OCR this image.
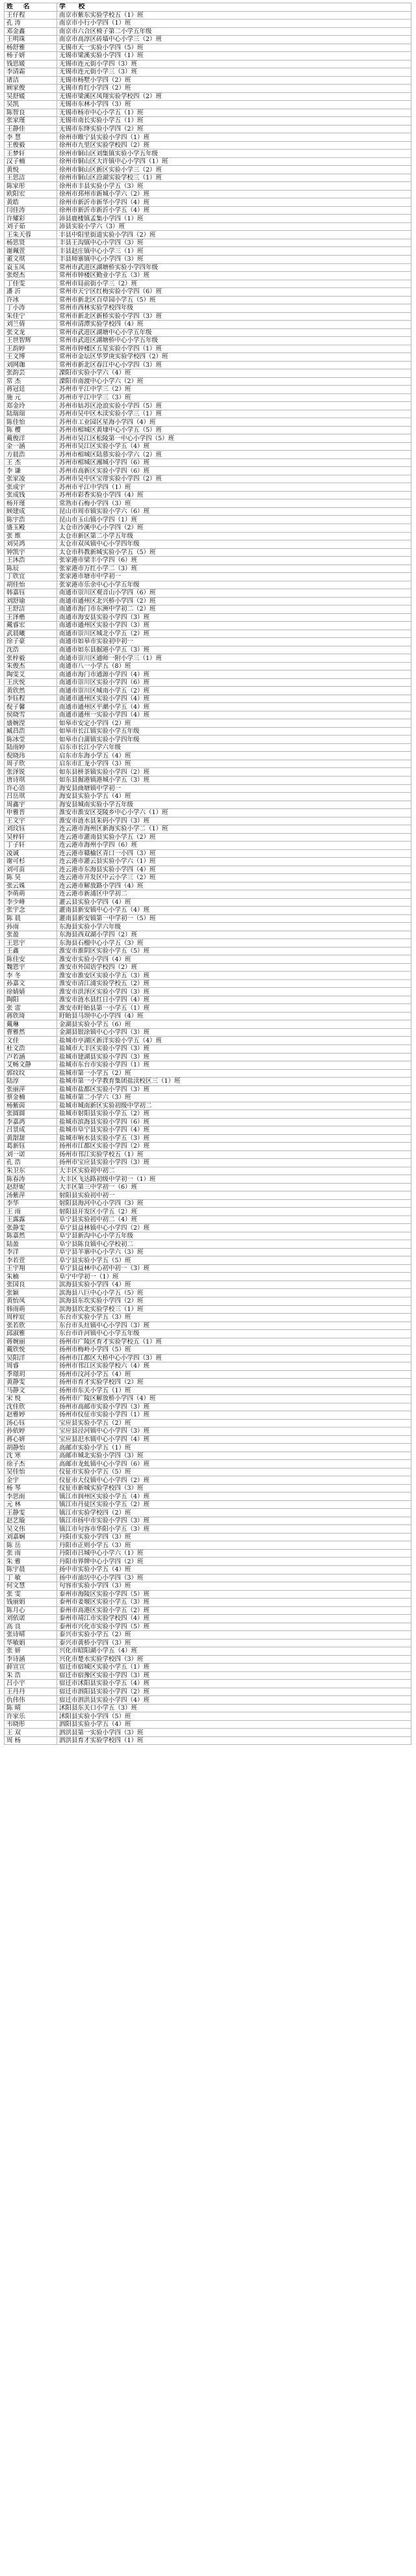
姓 名	学 校
王仔程	南京市紫东实验学校五（1）班
孔 涛	南京市小行小学四（1）班
邓金鑫	南京市六合区椅子第二小学五年级
王明珠	南京市高淳区砖墙中心小学三（2）班
杨舒雅	无锡市天一实验小学四（5）班
杨子妍	无锡市梁溪实验小学四（1）班
钱思媛	无锡市连元街小学四（3）班
李清霜	无锡市连元街小学三（3）班
诸洁	无锡市杨墅小学四（2）班
顾家俊	无锡市育红小学四（2）班
吴舒媛	无锡市梁溪区凤翔实验学校四（2）班
吴凯	无锡市东林小学四（3）班
陈智良	无锡市杨市中心小学五（1）班
张家瑾	无锡市南长实验小学五（1）班
王静佳	无锡市东绛实验小学四（2）班
李 慧	徐州市睢宁县实验小学四（1）班
王俊毅	徐州市九里区实验学校四（2）班
王梦轩	徐州市铜山区刘集镇实验小学五年级
汉子楠	徐州市铜山区大许镇中心小学四（1）班
黄悦	徐州市铜山区新区实验小学三（2）班
王思洁	徐州市铜山区沿湖实验学校三（1）班
陈家彤	徐州市丰县实验小学五（3）班
欧阳宏	徐州市邳州市新城小学六（2）班
黄皓	徐州市新沂市新华小学四（4）班
闫佳涛	徐州市新沂市新沂小学五（4）班
许耀彩	沛县鹿楼镇孟集小学四（1）班
刘子茹	沛县实验小学六（3）班
王朱天蓉	丰县中阳里街道实验小学四（2）班
杨思贤	丰县王沟镇中心小学四（3）班
谢珮萱	丰县赵庄镇中心小学三（1）班
董文琪	丰县师寨镇中心小学四（3）班
袁玉凤	常州市武进区湖塘桥实验小学四年级
张煜杰	常州市钟楼区勤业小学五（3）班
丁佳雯	常州市局前街小学三（2）班
潘 沂	常州市天宁区红梅实验小学四（6）班
许冰	常州市新北区百草园小学五（5）班
丁小涛	常州市西林实验学校四年级
朱佳宁	常州市新北区新桥实验小学四（3）班
刘兰倩	常州市清潭实验学校四（4）班
张文龙	常州市武进区湖塘中心小学五年级
王世智辉	常州市武进区湖塘桥中心小学五年级
王韵婷	常州市钟楼区五星实验小学四（1）班
王文博	常州市金坛区华罗庚实验学校四（2）班
刘网珈	常州市新北区春江中心小学四（3）班
张韵芸	溧阳市实验小学六（4）班
常 杰	溧阳市南渡中心小学六（2）班
蒋冠廷	苏州市平江中学三（2）班
施 元	苏州市平江中学三（3）班
郑金玲	苏州市姑苏区沧浪实验小学四（5）班
陆瑞瑞	苏州市吴中区木渎实验小学三（1）班
陈佳怡	苏州市工业园区星海小学四（4）班
陈 樱	苏州市相城区黄埭中心小学五（5）班
戴俊洋	苏州市吴江区松陵第一中心小学四（5）班
金一涵	苏州市吴江区实验小学五（4）班
方晨浩	苏州市相城区陆慕实验小学六（2）班
王 杰	苏州市相城区湘城小学四（6）班
李 谦	苏州市高新区实验小学四（6）班
张家凌	苏州市吴中区宝带实验小学四（2）班
张成宇	苏州市平江中学四（1）班
张成钱	苏州市彩香实验小学四（4）班
杨开瑾	常熟市石梅小学四（3）班
顾建成	昆山市周市镇实验小学六（6）班
陈宇浩	昆山市玉山镇小学四（1）班
盛玉殿	太仓市沙溪中心小学四（2）班
张 维	太仓市新区第二小学五年级
刘吴鸿	太仓市双凤镇中心小学四年级
钟凯宇	太仓市科教新城实验小学五（5）班
王沐浩	张家港市梁丰小学四（6）班
陈辰	张家港市万红小学二（3）班
丁欣宜	张家港市塘市中学初一
胡佳怡	张家港市乐余中心小学五年级
韩嘉钰	南通市崇川区观音山小学四（6）班
刘舒瑜	南通市通州区北兴桥小学四（2）班
王舒洁	南通市海门市东洲中学初二（2）班
王泽楷	南通市海安县实验小学四（3）班
戴睿宏	南通市通州区实验小学四（3）班
武晨曦	南通市崇川区城北小学五（2）班
徐子豪	南通市如皋市实验初中初一
沈浩	南通市如东县掘港小学五（3）班
张梓毅	南通市崇川区通师一附小学三（1）班
朱俊杰	南通市八一小学五（8）班
陶雯艾	南通市海门市通源小学四（4）班
王庆悦	南通市崇川区实验小学四（6）班
黄欣然	南通市崇川区城南小学五（2）班
李钰程	南通市通州区实验小学四（4）班
倪子馨	南通市通州区平潮小学五（4）班
侯晓雪	南通市通州一实验小学四（4）班
盛婉滢	如皋市安定小学四（2）班
臧昌浩	如皋市长江镇实验小学五年级
陈冰莹	如皋市白蒲镇实验小学四年级
陆雨婷	启东市长江小学六年级
倪晓玮	启东市东海小学五（4）班
周子欣	启东市汇龙小学四（3）班
张泽锐	如东县栟茶镇实验小学四（2）班
唐诗琪	如东县掘港镇港城小学五（3）班
许心语	海安县曲塘镇中学初一
吕岳琪	海安县实验小学五（4）班
周鑫宇	海安县城南实验小学五年级
申雅晋	淮安市淮安区茭陵乡中心小学六（1）班
王文宇	淮安市涟水县朱码小学四（3）班
刘玟钰	连云港市海州区新海实验小学二（1）班
吴梓轩	连云港市灌南县实验小学五（2）班
丁子轩	连云港市海州小学四（6）班
凌诚	连云港市赣榆区青口一小四（3）班
谢可杉	连云港市灌云县实验小学六（1）班
刘可苗	连云港市东海县实验小学四（4）班
陈 昊	连云港市开发区中云小学三（2）班
张云姝	连云港市解放路小学四（4）班
李萌萌	连云港市新浦区中学初二
李少峰	灌云县实验小学四（4）班
张宇念	灌南县新安镇中心小学五（4）班
陈 晨	灌南县新安镇第一中学初一（5）班
孙雨	东海县实验小学六年级
张盈	东海县西双湖小学四（2）班
王思宇	东海县石榴中心小学五（3）班
王鑫	淮安市淮阴区实验小学五（5）班
陈佳安	淮安市实验小学四（4）班
魏恩宇	淮安市外国语学校四（2）班
李 冬	淮安市淮安区实验小学五（3）班
孙嘉文	淮安市清江浦实验学校五（2）班
徐婧婧	淮安市洪泽区实验小学四（3）班
陶阳	淮安市涟水县红日小学四（4）班
张 雷	淮安市盱眙县第一小学五（1）班
蒋欣琦	盱眙县马坝中心小学四（4）班
戴琳	金湖县实验小学五（6）班
曹雅然	金湖县银涂镇中心小学四（3）班
文佳	盐城市亭湖区新洋实验小学五（4）班
杜文浩	盐城市大丰区实验小学四（3）班
卢若涵	盐城市建湖县实验小学四（3）班
艾畅文静	盐城市东台市实验小学四（1）班
郭纹纹	盐城市第一小学五（2）班
陆淳	盐城市第一小学教育集团盐渎校区三（1）班
张丽萍	盐城市盐都区实验小学四（3）班
蔡金楠	盐城市第二小学六（3）班
杨紫茵	盐城市城南新区实验初级中学初二
张圆圆	盐城市射阳县实验小学五（2）班
李嘉鸿	盐城市滨海县实验小学四（6）班
吕景成	盐城市阜宁县实验小学四（4）班
黄甜甜	盐城市响水县实验小学五（3）班
葛新钰	扬州市江都区实验小学四（2）班
刘一诺	扬州市邗江实验学校五（1）班
孔 浩	扬州市宝应县实验小学四（3）班
朱卫东	大丰区实验初中初二
陈春涛	大丰区飞达路初级中学初一（1）班
赵舒妮	大丰区第三中学初一（6）班
汤紫萍	射阳县实验初中初一
李华	射阳县海河中心小学四（3）班
王 雨	射阳县开发区小学五（2）班
王露露	阜宁县实验初中初二（4）班
张静雯	阜宁县益林镇中心小学四（2）班
陈嘉然	阜宁县新沟中心小学五年级
陆盈	阜宁县陈良镇中心学校初二
李洋	阜宁县羊寨中心小学六（3）班
李若萱	阜宁县实验小学五（5）班
王宇翔	阜宁县益林中心初中初一（3）班
朱楠	阜宁中学初一（1）班
张国良	滨海县实验小学四（4）班
张颖	滨海县八巨中心小学五（5）班
黄怡凤	滨海县东坎实验小学四（2）班
韩雨萌	滨海县坎北实验学校三（1）班
周梓宸	东台市实验小学五（3）班
张若欣	东台市头灶镇中心小学四（3）班
邱淑雅	东台市许河镇中心小学五年级
蒋婉丽	扬州市广陵区育才实验学校五（1）班
戴欣悦	扬州市梅岭小学四（5）班
吴阳洋	扬州市江都区大桥中心小学四（3）班
周睿	扬州市邗江区实验学校六（4）班
季璟玥	扬州市汶河小学五（4）班
黄静雯	扬州市育才实验学校四（2）班
马静文	扬州市东关小学五（1）班
宋 悦	扬州市广陵区解放桥小学四（4）班
沈佳欣	扬州市高邮市实验小学四（3）班
赵雅婷	扬州市仪征市实验小学四（1）班
汤心钰	宝应县实验小学五（2）班
孙依婷	宝应县泾河镇中心小学四（3）班
蒋心妍	宝应县氾水镇中心小学四（4）班
胡静怡	高邮市实验小学五（1）班
沈 寒	高邮市城北实验小学四（3）班
徐子杰	高邮市龙虬镇中心小学四（6）班
吴佳怡	仪征市实验小学五（5）班
金宇	仪征市大仪镇中心小学四（2）班
杨 琴	仪征市新城实验学校四（3）班
李思雨	镇江市润州区实验小学五（4）班
元 林	镇江市丹徒区实验小学五（2）班
王静雯	镇江市实验学校四（2）班
赵艺璇	镇江市扬中市实验小学四（3）班
吴文伟	镇江市句容市华阳小学五（3）班
刘嘉娴	丹阳市实验小学四（3）班
陈 岳	丹阳市正则小学五（3）班
张 雨	丹阳市吕城中心小学六（1）班
朱 雅	丹阳市界牌中心小学四（2）班
陈宇晨	扬中市实验小学五（4）班
丁 敏	扬中市油坊中心小学四（3）班
何文慧	句容市实验小学四（3）班
张 雯	泰州市海陵区实验小学四（5）班
钱丽娟	泰州市姜堰区实验小学五（3）班
陈月心	泰州市高港区实验小学五（2）班
刘依诺	泰州市靖江市实验学校四（4）班
高 良	泰州市兴化市实验小学四（5）班
张诗晴	泰兴市实验小学五（2）班
华敏娟	泰兴市黄桥小学四（3）班
张 妍	兴化市昭阳湖小学五（4）班
李诗涵	兴化市楚水实验学校四（3）班
薛宣宣	宿迁市宿城区实验小学五（1）班
朱 浩	宿迁市宿豫区实验小学四（3）班
吕小宇	宿迁市沭阳县实验小学五（4）班
王丹丹	宿迁市泗阳县实验小学四（2）班
仇伟伟	宿迁市泗洪县实验小学四（4）班
陈 晴	沭阳县东关口小学五（3）班
许家乐	沭阳县实验小学四（5）班
韦晓彤	泗阳县实验小学五（4）班
王 双	泗洪县第一实验小学四（3）班
周 杨	泗洪县育才实验学校四（1）班
